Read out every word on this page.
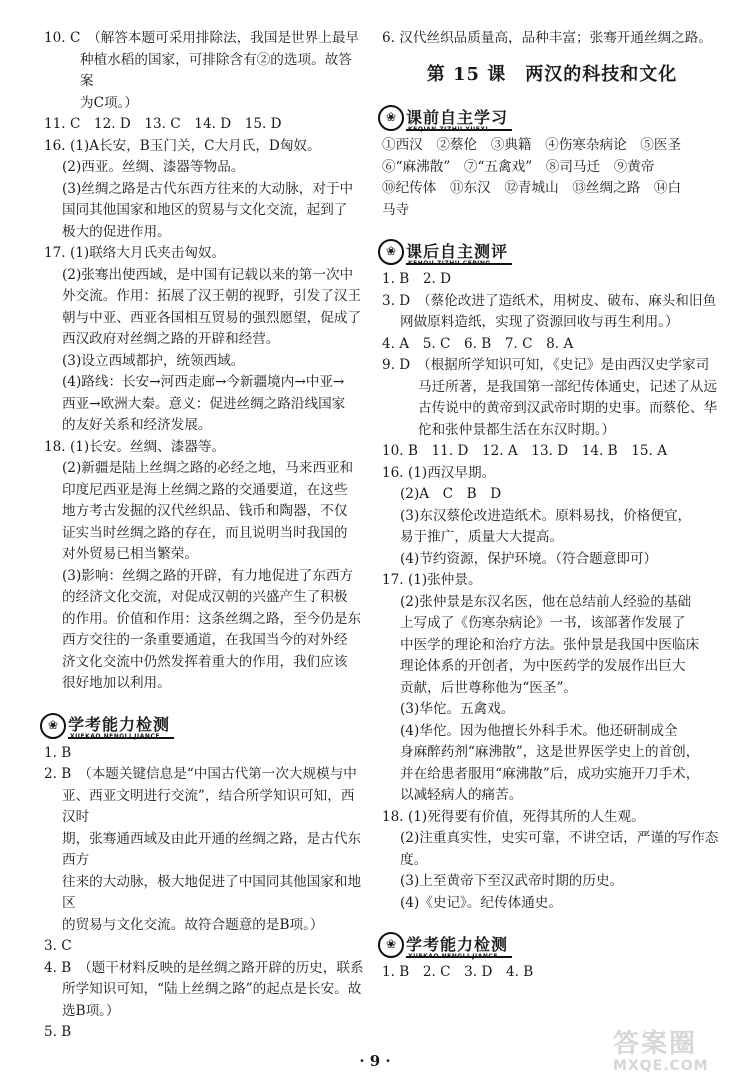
10. C　（解答本题可采用排除法，我国是世界上最早
种植水稻的国家，可排除含有②的选项。故答案
为C项。）
11. C　12. D　13. C　14. D　15. D
16. (1)A长安，B玉门关，C大月氏，D匈奴。
(2)西亚。丝绸、漆器等物品。
(3)丝绸之路是古代东西方往来的大动脉，对于中
国同其他国家和地区的贸易与文化交流，起到了
极大的促进作用。
17. (1)联络大月氏夹击匈奴。
(2)张骞出使西域，是中国有记载以来的第一次中
外交流。作用：拓展了汉王朝的视野，引发了汉王
朝与中亚、西亚各国相互贸易的强烈愿望，促成了
西汉政府对丝绸之路的开辟和经营。
(3)设立西域都护，统领西域。
(4)路线：长安→河西走廊→今新疆境内→中亚→
西亚→欧洲大秦。意义：促进丝绸之路沿线国家
的友好关系和经济发展。
18. (1)长安。丝绸、漆器等。
(2)新疆是陆上丝绸之路的必经之地，马来西亚和
印度尼西亚是海上丝绸之路的交通要道，在这些
地方考古发掘的汉代丝织品、钱币和陶器，不仅
证实当时丝绸之路的存在，而且说明当时我国的
对外贸易已相当繁荣。
(3)影响：丝绸之路的开辟，有力地促进了东西方
的经济文化交流，对促成汉朝的兴盛产生了积极
的作用。价值和作用：这条丝绸之路，至今仍是东
西方交往的一条重要通道，在我国当今的对外经
济文化交流中仍然发挥着重大的作用，我们应该
很好地加以利用。
❀ 学考能力检测
XUEKAO NENGLI JIANCE
1. B
2. B　（本题关键信息是“中国古代第一次大规模与中
亚、西亚文明进行交流”，结合所学知识可知，西汉时
期，张骞通西域及由此开通的丝绸之路，是古代东西方
往来的大动脉，极大地促进了中国同其他国家和地区
的贸易与文化交流。故符合题意的是B项。）
3. C
4. B　（题干材料反映的是丝绸之路开辟的历史，联系
所学知识可知，“陆上丝绸之路”的起点是长安。故
选B项。）
5. B
6. 汉代丝织品质量高，品种丰富；张骞开通丝绸之路。
第 15 课　两汉的科技和文化
❀ 课前自主学习
KEQIAN ZIZHU XUEXI
①西汉　②蔡伦　③典籍　④伤寒杂病论　⑤医圣
⑥“麻沸散”　⑦“五禽戏”　⑧司马迁　⑨黄帝
⑩纪传体　⑪东汉　⑫青城山　⑬丝绸之路　⑭白
马寺
❀ 课后自主测评
KEHOU ZIZHU CEPING
1. B　2. D
3. D　（蔡伦改进了造纸术，用树皮、破布、麻头和旧鱼
网做原料造纸，实现了资源回收与再生利用。）
4. A　5. C　6. B　7. C　8. A
9. D　（根据所学知识可知，《史记》是由西汉史学家司
马迁所著，是我国第一部纪传体通史，记述了从远
古传说中的黄帝到汉武帝时期的史事。而蔡伦、华
佗和张仲景都生活在东汉时期。）
10. B　11. D　12. A　13. D　14. B　15. A
16. (1)西汉早期。
(2)A　C　B　D
(3)东汉蔡伦改进造纸术。原料易找，价格便宜，
易于推广，质量大大提高。
(4)节约资源，保护环境。（符合题意即可）
17. (1)张仲景。
(2)张仲景是东汉名医，他在总结前人经验的基础
上写成了《伤寒杂病论》一书，该部著作发展了
中医学的理论和治疗方法。张仲景是我国中医临床
理论体系的开创者，为中医药学的发展作出巨大
贡献，后世尊称他为“医圣”。
(3)华佗。五禽戏。
(4)华佗。因为他擅长外科手术。他还研制成全
身麻醉药剂“麻沸散”，这是世界医学史上的首创，
并在给患者服用“麻沸散”后，成功实施开刀手术，
以减轻病人的痛苦。
18. (1)死得要有价值，死得其所的人生观。
(2)注重真实性，史实可靠，不讲空话，严谨的写作态度。
(3)上至黄帝下至汉武帝时期的历史。
(4)《史记》。纪传体通史。
❀ 学考能力检测
XUEKAO NENGLI JIANCE
1. B　2. C　3. D　4. B
· 9 ·
答案圈
MXQE.COM
